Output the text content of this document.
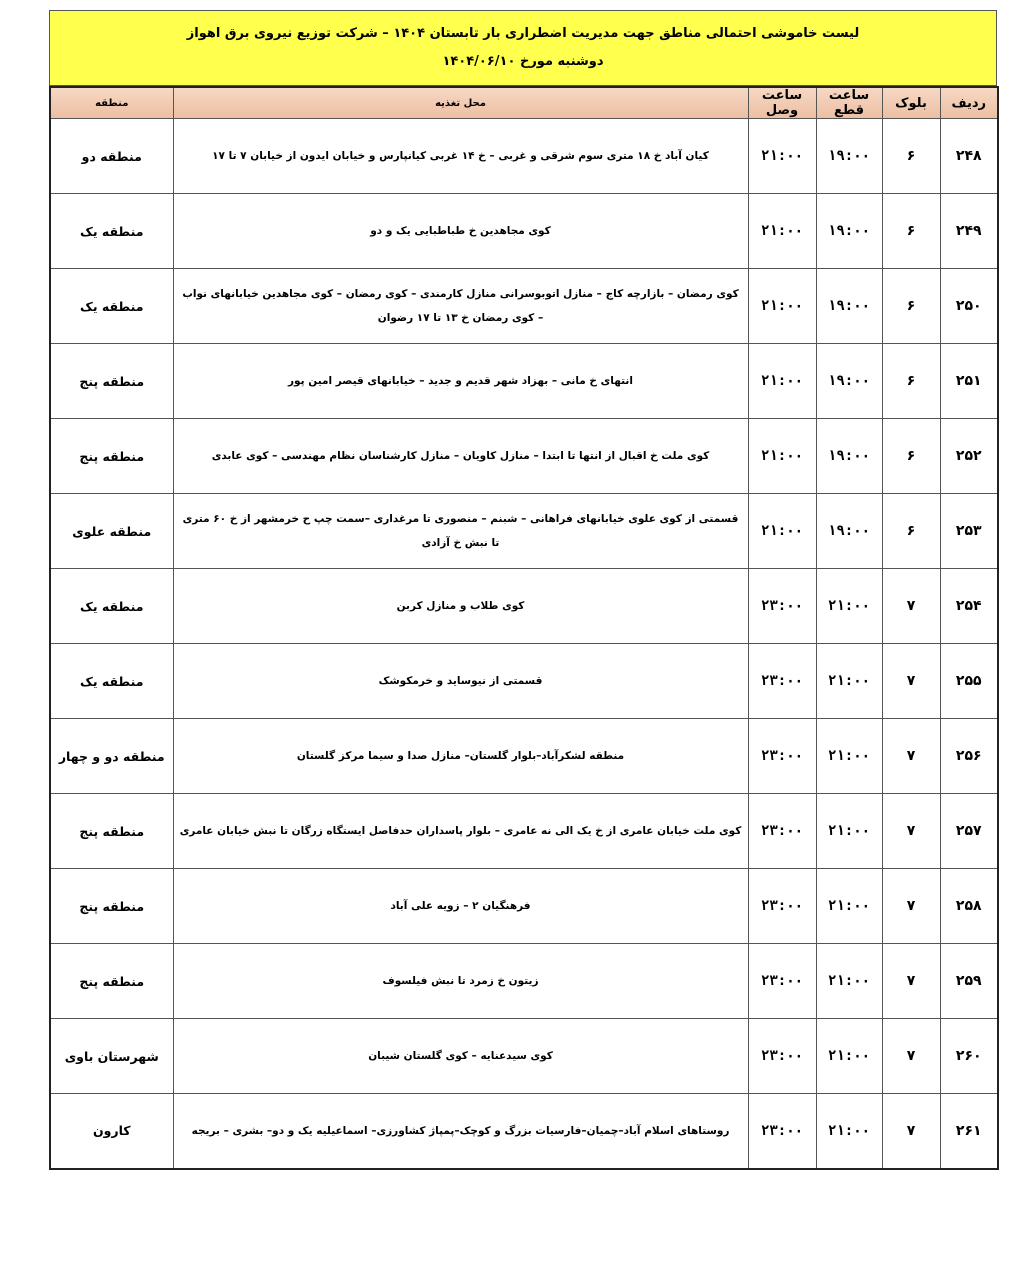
لیست خاموشی احتمالی مناطق جهت مدیریت اضطراری بار تابستان ۱۴۰۴ – شرکت توزیع نیروی برق اهواز
دوشنبه مورخ ۱۴۰۴/۰۶/۱۰
ردیف	بلوک	ساعت قطع	ساعت وصل	محل تغذیه	منطقه
۲۴۸	۶	۱۹:۰۰	۲۱:۰۰	کیان آباد خ ۱۸ متری سوم شرقی و غربی – خ ۱۴ غربی کیانپارس و خیابان ایدون از خیابان ۷ تا ۱۷	منطقه دو
۲۴۹	۶	۱۹:۰۰	۲۱:۰۰	کوی مجاهدین خ طباطبایی یک و دو	منطقه یک
۲۵۰	۶	۱۹:۰۰	۲۱:۰۰	کوی رمضان – بازارچه کاج – منازل اتوبوسرانی منازل کارمندی – کوی رمضان – کوی مجاهدین خیابانهای نواب – کوی رمضان خ ۱۳ تا ۱۷ رضوان	منطقه یک
۲۵۱	۶	۱۹:۰۰	۲۱:۰۰	انتهای خ مانی – بهزاد شهر قدیم و جدید – خیابانهای قیصر امین پور	منطقه پنج
۲۵۲	۶	۱۹:۰۰	۲۱:۰۰	کوی ملت خ اقبال از انتها تا ابتدا – منازل کاویان – منازل کارشناسان نظام مهندسی – کوی عابدی	منطقه پنج
۲۵۳	۶	۱۹:۰۰	۲۱:۰۰	قسمتی از کوی علوی خیابانهای فراهانی – شبنم – منصوری تا مرغداری –سمت چپ ح خرمشهر از خ ۶۰ متری تا نبش خ آزادی	منطقه علوی
۲۵۴	۷	۲۱:۰۰	۲۳:۰۰	کوی طلاب و منازل کربن	منطقه یک
۲۵۵	۷	۲۱:۰۰	۲۳:۰۰	قسمتی از نیوساید و خرمکوشک	منطقه یک
۲۵۶	۷	۲۱:۰۰	۲۳:۰۰	منطقه لشکرآباد–بلوار گلستان– منازل صدا و سیما مرکز گلستان	منطقه دو و چهار
۲۵۷	۷	۲۱:۰۰	۲۳:۰۰	کوی ملت خیابان عامری از خ یک الی نه عامری – بلوار پاسداران حدفاصل ایستگاه زرگان تا نبش خیابان عامری	منطقه پنج
۲۵۸	۷	۲۱:۰۰	۲۳:۰۰	فرهنگیان ۲ – زویه علی آباد	منطقه پنج
۲۵۹	۷	۲۱:۰۰	۲۳:۰۰	زیتون خ زمرد تا نبش فیلسوف	منطقه پنج
۲۶۰	۷	۲۱:۰۰	۲۳:۰۰	کوی سیدعنایه – کوی گلستان شیبان	شهرستان باوی
۲۶۱	۷	۲۱:۰۰	۲۳:۰۰	روستاهای اسلام آباد–چمیان–فارسیات بزرگ و کوچک–پمپاژ کشاورزی– اسماعیلیه یک و دو– بشری – بریجه	کارون
